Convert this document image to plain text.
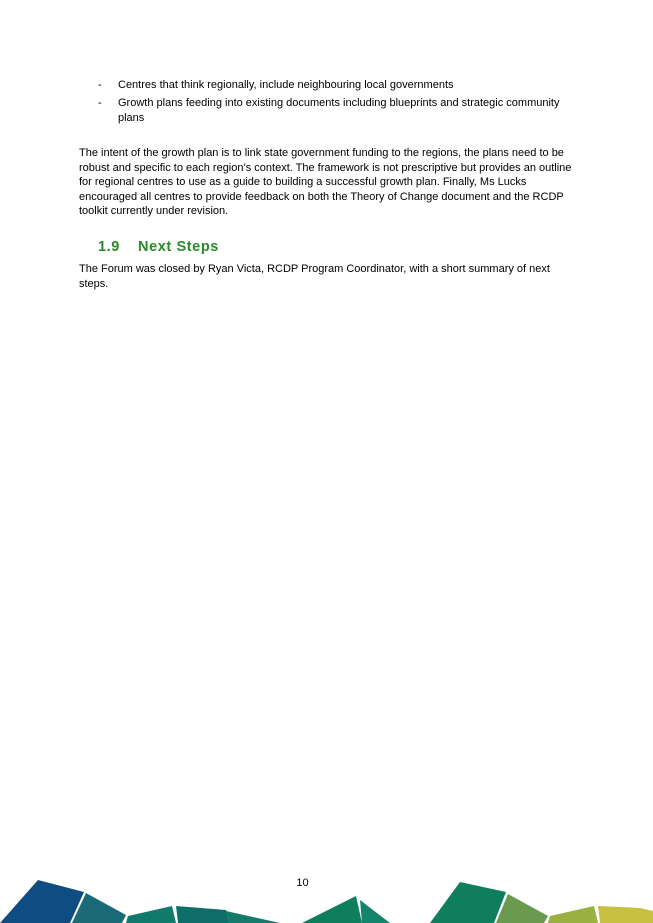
- Centres that think regionally, include neighbouring local governments
- Growth plans feeding into existing documents including blueprints and strategic community plans

The intent of the growth plan is to link state government funding to the regions, the plans need to be robust and specific to each region’s context. The framework is not prescriptive but provides an outline for regional centres to use as a guide to building a successful growth plan. Finally, Ms Lucks encouraged all centres to provide feedback on both the Theory of Change document and the RCDP toolkit currently under revision.

1.9 Next Steps

The Forum was closed by Ryan Victa, RCDP Program Coordinator, with a short summary of next steps.

10
